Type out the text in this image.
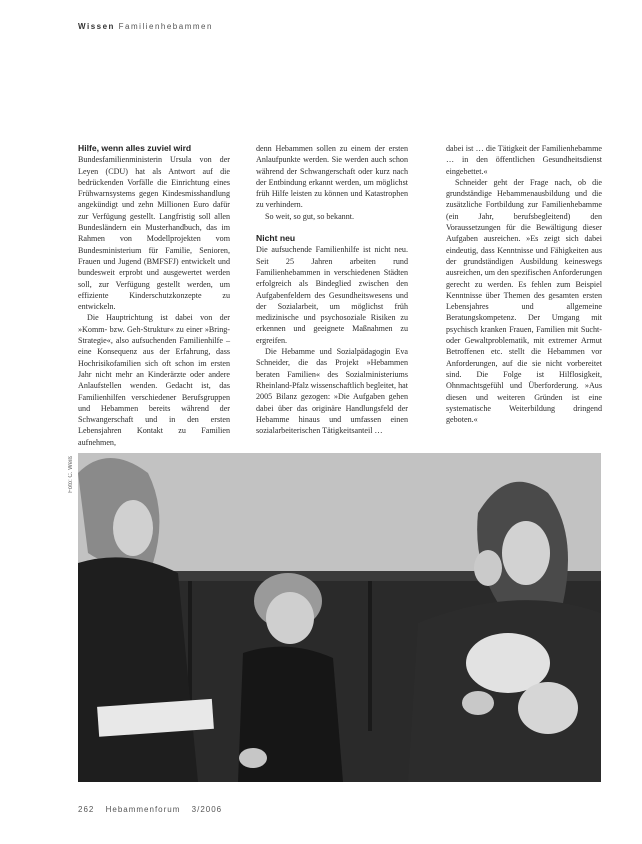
Wissen Familienhebammen
Hilfe, wenn alles zuviel wird

Bundesfamilienministerin Ursula von der Leyen (CDU) hat als Antwort auf die bedrückenden Vorfälle die Einrichtung eines Frühwarnsystems gegen Kindesmisshandlung angekündigt und zehn Millionen Euro dafür zur Verfügung gestellt. Langfristig soll allen Bundesländern ein Musterhandbuch, das im Rahmen von Modellprojekten vom Bundesministerium für Familie, Senioren, Frauen und Jugend (BMFSFJ) entwickelt und bundesweit erprobt und ausgewertet werden soll, zur Verfügung gestellt werden, um effiziente Kinderschutzkonzepte zu entwickeln.

Die Hauptrichtung ist dabei von der »Komm- bzw. Geh-Struktur« zu einer »Bring-Strategie«, also aufsuchenden Familienhilfe – eine Konsequenz aus der Erfahrung, dass Hochrisikofamilien sich oft schon im ersten Jahr nicht mehr an Kinderärzte oder andere Anlaufstellen wenden. Gedacht ist, das Familienhilfen verschiedener Berufsgruppen und Hebammen bereits während der Schwangerschaft und in den ersten Lebensjahren Kontakt zu Familien aufnehmen,

denn Hebammen sollen zu einem der ersten Anlaufpunkte werden. Sie werden auch schon während der Schwangerschaft oder kurz nach der Entbindung erkannt werden, um möglichst früh Hilfe leisten zu können und Katastrophen zu verhindern.

So weit, so gut, so bekannt.

Nicht neu

Die aufsuchende Familienhilfe ist nicht neu. Seit 25 Jahren arbeiten rund Familienhebammen in verschiedenen Städten erfolgreich als Bindeglied zwischen den Aufgabenfeldern des Gesundheitswesens und der Sozialarbeit, um möglichst früh medizinische und psychosoziale Risiken zu erkennen und geeignete Maßnahmen zu ergreifen.

Die Hebamme und Sozialpädagogin Eva Schneider, die das Projekt »Hebammen beraten Familien« des Sozialministeriums Rheinland-Pfalz wissenschaftlich begleitet, hat 2005 Bilanz gezogen: »Die Aufgaben gehen dabei über das originäre Handlungsfeld der Hebamme hinaus und umfassen einen sozialarbeiterischen Tätigkeitsanteil …

dabei ist … die Tätigkeit der Familienhebamme … in den öffentlichen Gesundheitsdienst eingebettet.«

Schneider geht der Frage nach, ob die grundständige Hebammenausbildung und die zusätzliche Fortbildung zur Familienhebamme (ein Jahr, berufsbegleitend) den Voraussetzungen für die Bewältigung dieser Aufgaben ausreichen. »Es zeigt sich dabei eindeutig, dass Kenntnisse und Fähigkeiten aus der grundständigen Ausbildung keineswegs ausreichen, um den spezifischen Anforderungen gerecht zu werden. Es fehlen zum Beispiel Kenntnisse über Themen des gesamten ersten Lebensjahres und allgemeine Beratungskompetenz. Der Umgang mit psychisch kranken Frauen, Familien mit Sucht- oder Gewaltproblematik, mit extremer Armut Betroffenen etc. stellt die Hebammen vor Anforderungen, auf die sie nicht vorbereitet sind. Die Folge ist Hilflosigkeit, Ohnmachtsgefühl und Überforderung. »Aus diesen und weiteren Gründen ist eine systematische Weiterbildung dringend geboten.«

Foto: C. Weiß
262 Hebammenforum 3/2006
